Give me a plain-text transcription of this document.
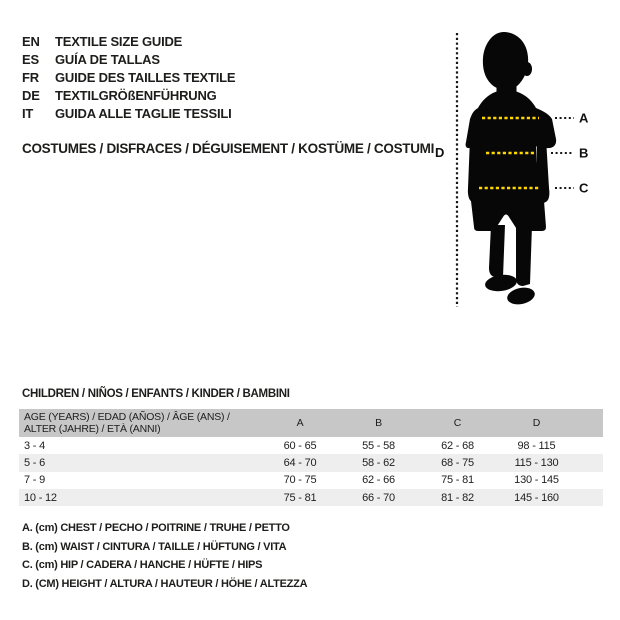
EN	TEXTILE SIZE GUIDE
ES	GUÍA DE TALLAS
FR	GUIDE DES TAILLES TEXTILE
DE	TEXTILGRÖßENFÜHRUNG
IT	GUIDA ALLE TAGLIE TESSILI
COSTUMES / DISFRACES / DÉGUISEMENT / KOSTÜME / COSTUMI D
A
B
C
CHILDREN / NIÑOS / ENFANTS / KINDER / BAMBINI
AGE (YEARS) / EDAD (AÑOS) / ÂGE (ANS) /
ALTER (JAHRE) / ETÀ (ANNI)	A	B	C	D	
3 - 4	60 - 65	55 - 58	62 - 68	98 - 115	
5 - 6	64 - 70	58 - 62	68 - 75	115 - 130	
7 - 9	70 - 75	62 - 66	75 - 81	130 - 145	
10 - 12	75 - 81	66 - 70	81 - 82	145 - 160	
A. (cm) CHEST / PECHO / POITRINE / TRUHE / PETTO
B. (cm) WAIST / CINTURA / TAILLE / HÜFTUNG / VITA
C. (cm) HIP / CADERA / HANCHE / HÜFTE / HIPS
D. (CM) HEIGHT / ALTURA / HAUTEUR / HÖHE / ALTEZZA
